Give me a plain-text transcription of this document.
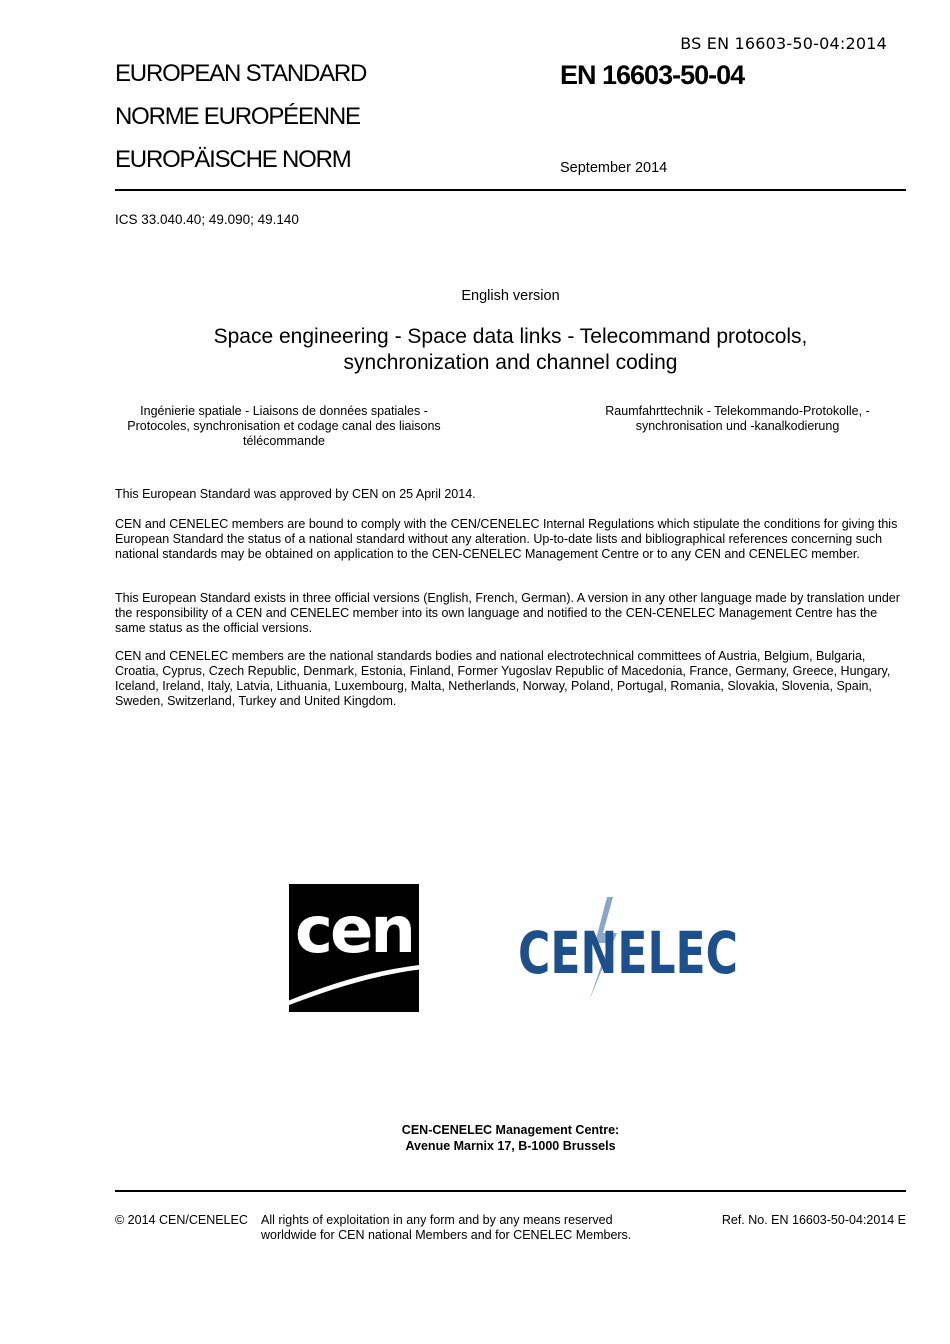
BS EN 16603-50-04:2014
EUROPEAN STANDARD
NORME EUROPÉENNE
EUROPÄISCHE NORM
EN 16603-50-04
September 2014
ICS 33.040.40; 49.090; 49.140
English version
Space engineering - Space data links - Telecommand protocols,
synchronization and channel coding
Ingénierie spatiale - Liaisons de données spatiales - Protocoles, synchronisation et codage canal des liaisons télécommande
Raumfahrttechnik - Telekommando-Protokolle, - synchronisation und -kanalkodierung
This European Standard was approved by CEN on 25 April 2014.
CEN and CENELEC members are bound to comply with the CEN/CENELEC Internal Regulations which stipulate the conditions for giving this European Standard the status of a national standard without any alteration. Up-to-date lists and bibliographical references concerning such national standards may be obtained on application to the CEN-CENELEC Management Centre or to any CEN and CENELEC member.
This European Standard exists in three official versions (English, French, German). A version in any other language made by translation under the responsibility of a CEN and CENELEC member into its own language and notified to the CEN-CENELEC Management Centre has the same status as the official versions.
CEN and CENELEC members are the national standards bodies and national electrotechnical committees of Austria, Belgium, Bulgaria, Croatia, Cyprus, Czech Republic, Denmark, Estonia, Finland, Former Yugoslav Republic of Macedonia, France, Germany, Greece, Hungary, Iceland, Ireland, Italy, Latvia, Lithuania, Luxembourg, Malta, Netherlands, Norway, Poland, Portugal, Romania, Slovakia, Slovenia, Spain, Sweden, Switzerland, Turkey and United Kingdom.
cen CENELEC
CEN-CENELEC Management Centre:
Avenue Marnix 17, B-1000 Brussels
© 2014 CEN/CENELEC All rights of exploitation in any form and by any means reserved worldwide for CEN national Members and for CENELEC Members.
Ref. No. EN 16603-50-04:2014 E
